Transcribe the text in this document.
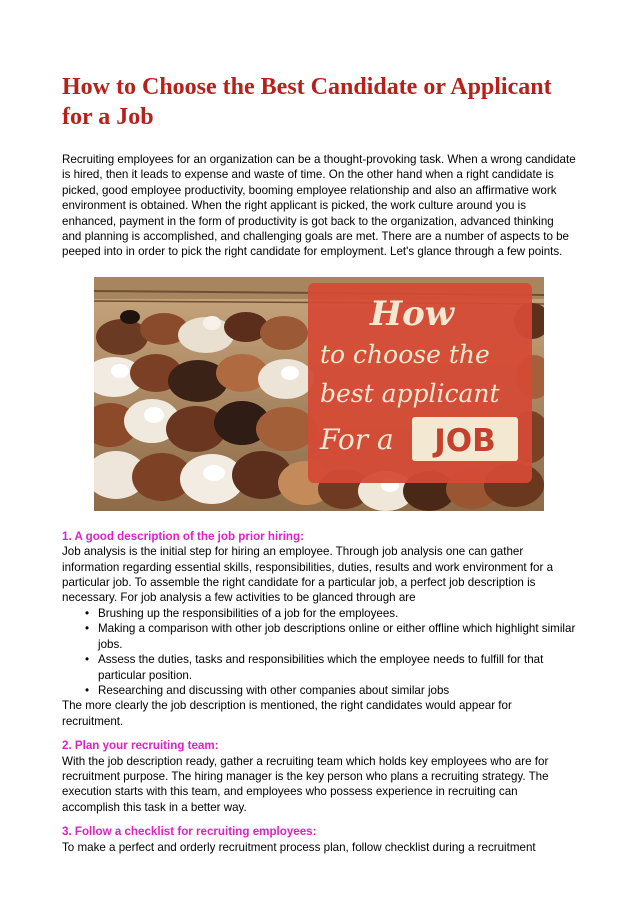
How to Choose the Best Candidate or Applicant for a Job

Recruiting employees for an organization can be a thought-provoking task. When a wrong candidate is hired, then it leads to expense and waste of time. On the other hand when a right candidate is picked, good employee productivity, booming employee relationship and also an affirmative work environment is obtained. When the right applicant is picked, the work culture around you is enhanced, payment in the form of productivity is got back to the organization, advanced thinking and planning is accomplished, and challenging goals are met. There are a number of aspects to be peeped into in order to pick the right candidate for employment. Let's glance through a few points.

How
to choose the
best applicant
For a JOB

1. A good description of the job prior hiring:

Job analysis is the initial step for hiring an employee. Through job analysis one can gather information regarding essential skills, responsibilities, duties, results and work environment for a particular job. To assemble the right candidate for a particular job, a perfect job description is necessary. For job analysis a few activities to be glanced through are

• Brushing up the responsibilities of a job for the employees.
• Making a comparison with other job descriptions online or either offline which highlight similar jobs.
• Assess the duties, tasks and responsibilities which the employee needs to fulfill for that particular position.
• Researching and discussing with other companies about similar jobs

The more clearly the job description is mentioned, the right candidates would appear for recruitment.

2. Plan your recruiting team:

With the job description ready, gather a recruiting team which holds key employees who are for recruitment purpose. The hiring manager is the key person who plans a recruiting strategy. The execution starts with this team, and employees who possess experience in recruiting can accomplish this task in a better way.

3. Follow a checklist for recruiting employees:

To make a perfect and orderly recruitment process plan, follow checklist during a recruitment
